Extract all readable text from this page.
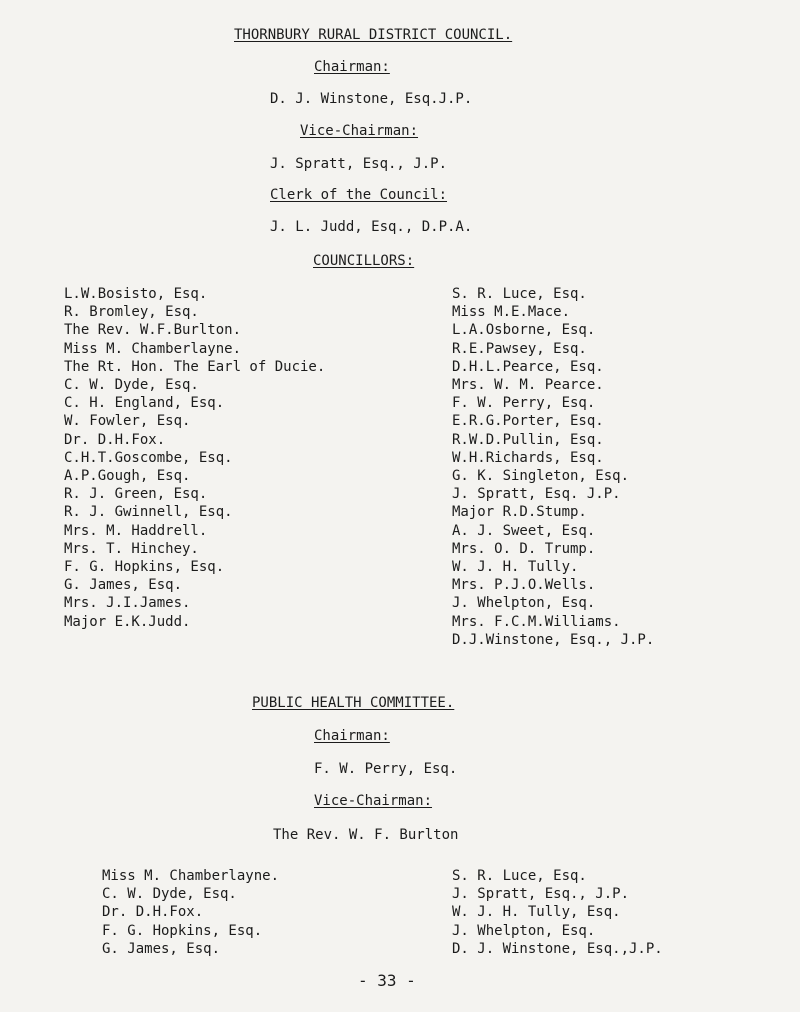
THORNBURY RURAL DISTRICT COUNCIL.
Chairman:
D. J. Winstone, Esq.J.P.
Vice-Chairman:
J. Spratt, Esq., J.P.
Clerk of the Council:
J. L. Judd, Esq., D.P.A.
COUNCILLORS:
L.W.Bosisto, Esq.
R. Bromley, Esq.
The Rev. W.F.Burlton.
Miss M. Chamberlayne.
The Rt. Hon. The Earl of Ducie.
C. W. Dyde, Esq.
C. H. England, Esq.
W. Fowler, Esq.
Dr. D.H.Fox.
C.H.T.Goscombe, Esq.
A.P.Gough, Esq.
R. J. Green, Esq.
R. J. Gwinnell, Esq.
Mrs. M. Haddrell.
Mrs. T. Hinchey.
F. G. Hopkins, Esq.
G. James, Esq.
Mrs. J.I.James.
Major E.K.Judd.
S. R. Luce, Esq.
Miss M.E.Mace.
L.A.Osborne, Esq.
R.E.Pawsey, Esq.
D.H.L.Pearce, Esq.
Mrs. W. M. Pearce.
F. W. Perry, Esq.
E.R.G.Porter, Esq.
R.W.D.Pullin, Esq.
W.H.Richards, Esq.
G. K. Singleton, Esq.
J. Spratt, Esq. J.P.
Major R.D.Stump.
A. J. Sweet, Esq.
Mrs. O. D. Trump.
W. J. H. Tully.
Mrs. P.J.O.Wells.
J. Whelpton, Esq.
Mrs. F.C.M.Williams.
D.J.Winstone, Esq., J.P.
PUBLIC HEALTH COMMITTEE.
Chairman:
F. W. Perry, Esq.
Vice-Chairman:
The Rev. W. F. Burlton
Miss M. Chamberlayne.
C. W. Dyde, Esq.
Dr. D.H.Fox.
F. G. Hopkins, Esq.
G. James, Esq.
S. R. Luce, Esq.
J. Spratt, Esq., J.P.
W. J. H. Tully, Esq.
J. Whelpton, Esq.
D. J. Winstone, Esq.,J.P.
- 33 -
